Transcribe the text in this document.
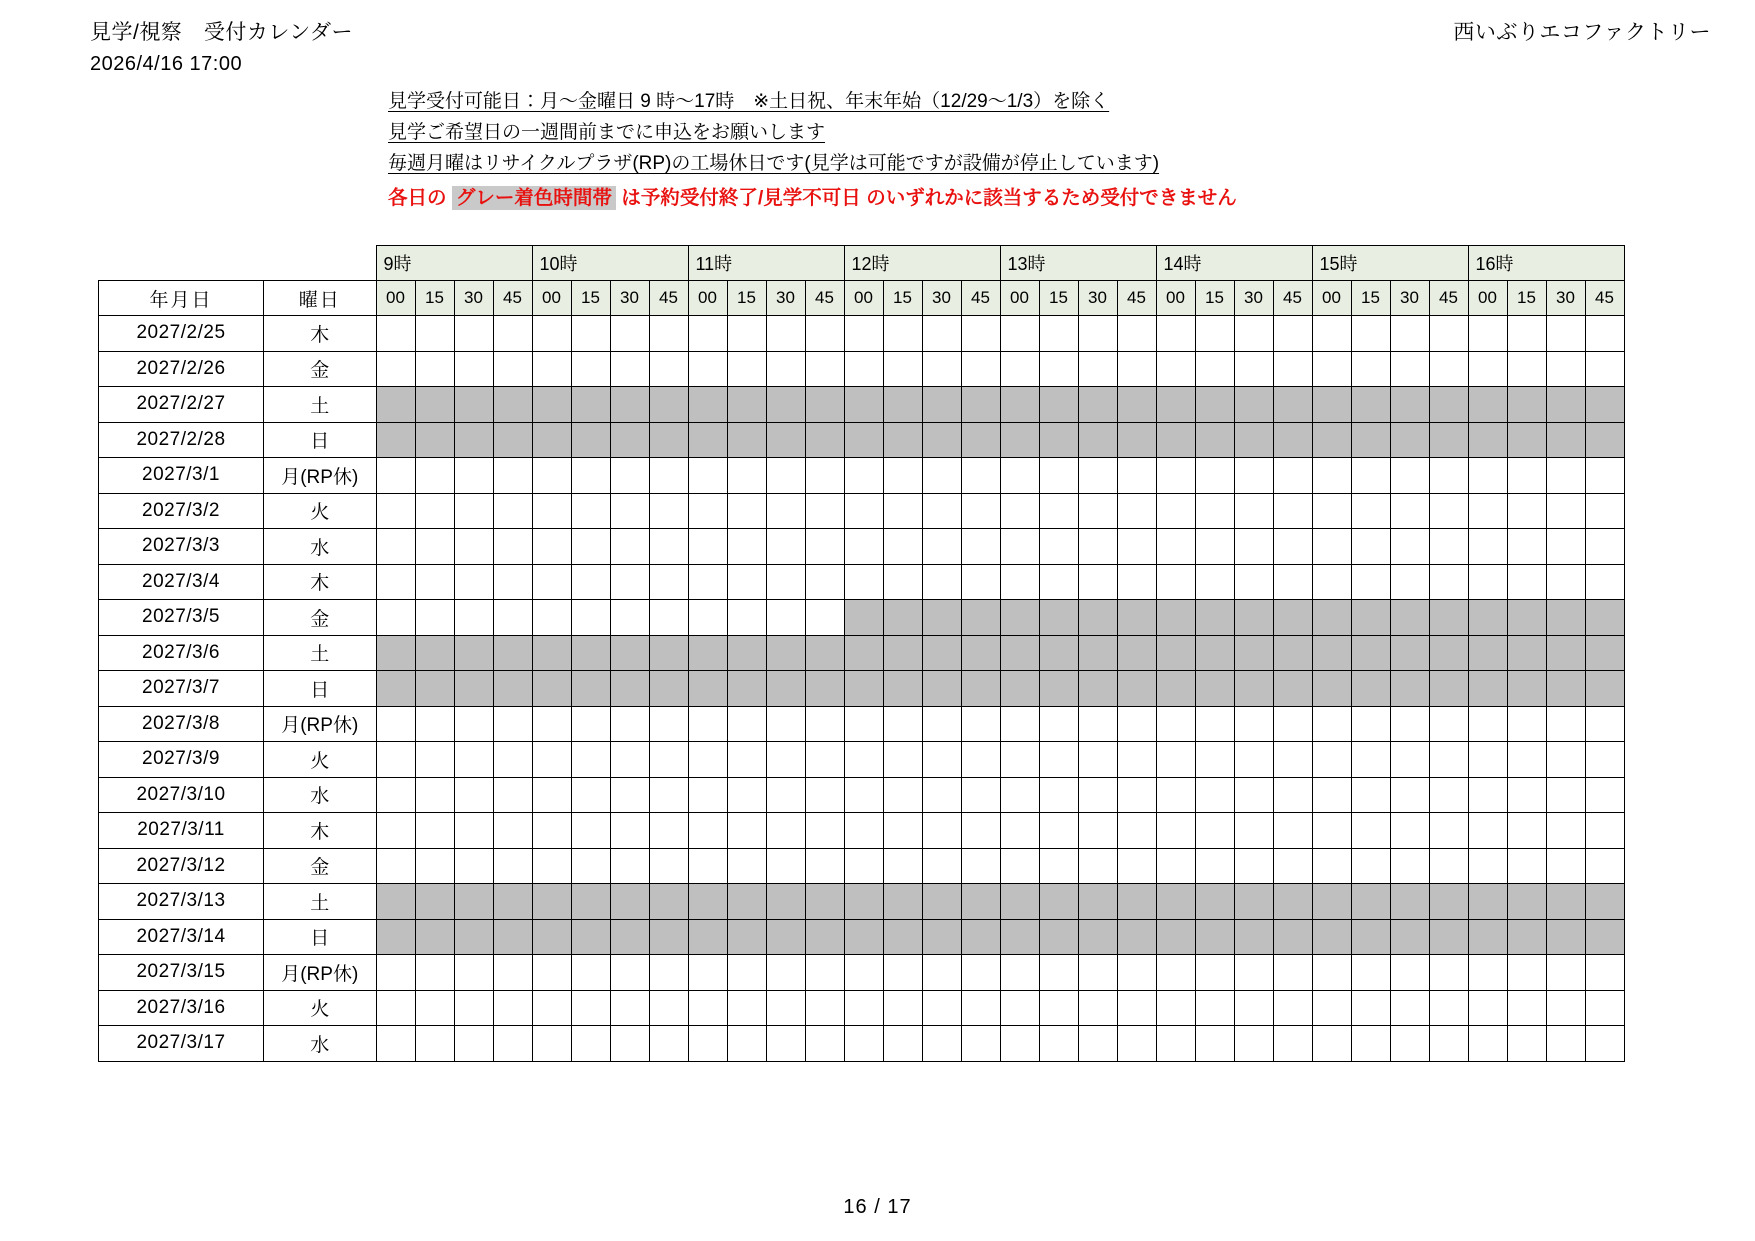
見学/視察　受付カレンダー
2026/4/16 17:00
西いぶりエコファクトリー
見学受付可能日：月～金曜日 9 時～17時　※土日祝、年末年始（12/29～1/3）を除く
見学ご希望日の一週間前までに申込をお願いします
毎週月曜はリサイクルプラザ(RP)の工場休日です(見学は可能ですが設備が停止しています)
各日の グレー着色時間帯 は予約受付終了/見学不可日 のいずれかに該当するため受付できません
		9時				10時				11時				12時				13時				14時				15時				16時			
年月日	曜日	00	15	30	45	00	15	30	45	00	15	30	45	00	15	30	45	00	15	30	45	00	15	30	45	00	15	30	45	00	15	30	45
2027/2/25	木																																
2027/2/26	金																																
2027/2/27	土																																
2027/2/28	日																																
2027/3/1	月(RP休)																																
2027/3/2	火																																
2027/3/3	水																																
2027/3/4	木																																
2027/3/5	金																																
2027/3/6	土																																
2027/3/7	日																																
2027/3/8	月(RP休)																																
2027/3/9	火																																
2027/3/10	水																																
2027/3/11	木																																
2027/3/12	金																																
2027/3/13	土																																
2027/3/14	日																																
2027/3/15	月(RP休)																																
2027/3/16	火																																
2027/3/17	水																																
16 / 17
